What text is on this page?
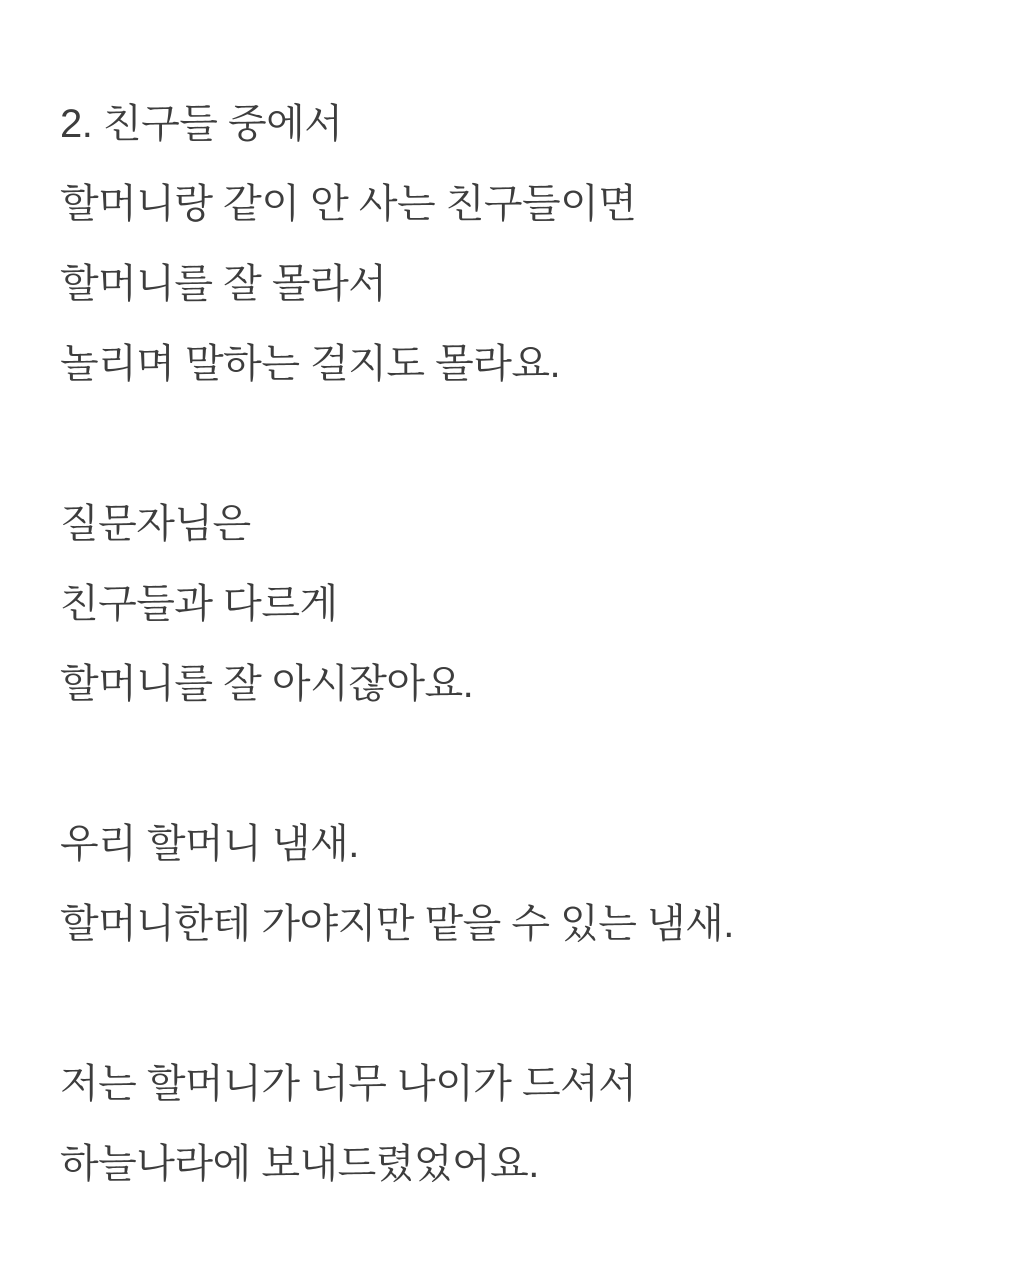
2. 친구들 중에서
할머니랑 같이 안 사는 친구들이면
할머니를 잘 몰라서
놀리며 말하는 걸지도 몰라요.
질문자님은
친구들과 다르게
할머니를 잘 아시잖아요.
우리 할머니 냄새.
할머니한테 가야지만 맡을 수 있는 냄새.
저는 할머니가 너무 나이가 드셔서
하늘나라에 보내드렸었어요.
